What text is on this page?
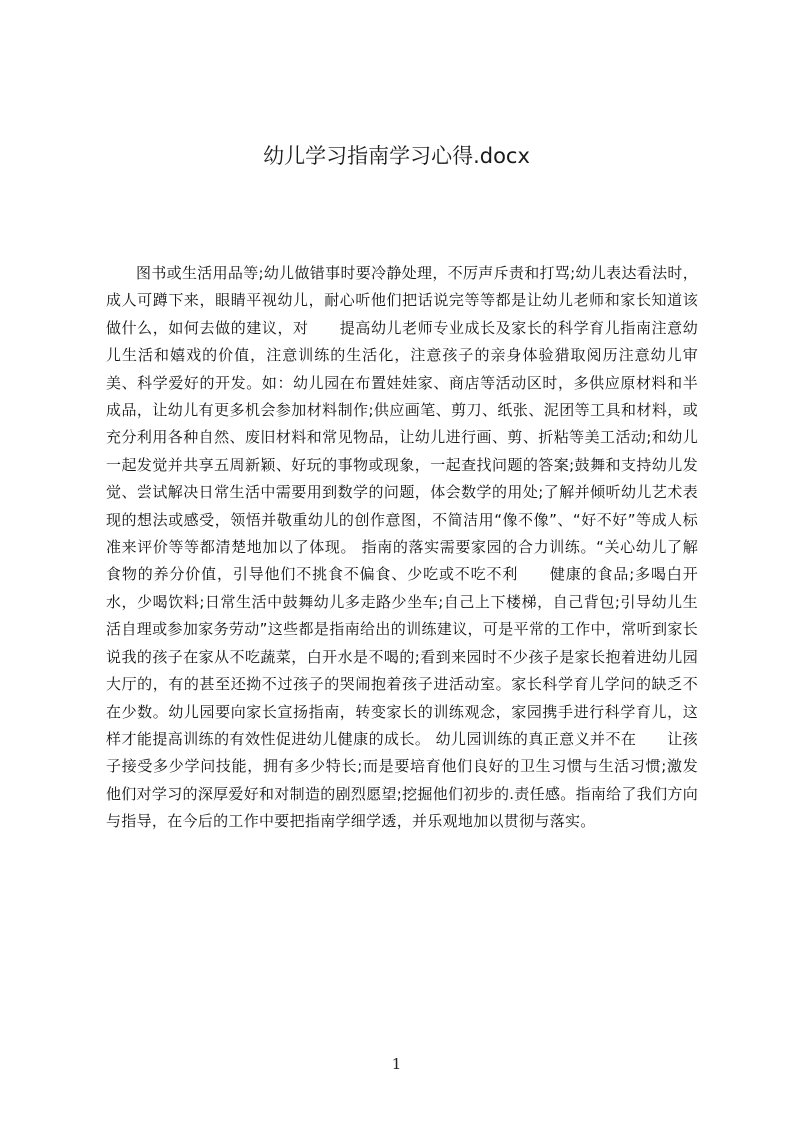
幼儿学习指南学习心得.docx

图书或生活用品等;幼儿做错事时要冷静处理，不厉声斥责和打骂;幼儿表达看法时，成人可蹲下来，眼睛平视幼儿，耐心听他们把话说完等等都是让幼儿老师和家长知道该做什么，如何去做的建议，对　　提高幼儿老师专业成长及家长的科学育儿指南注意幼儿生活和嬉戏的价值，注意训练的生活化，注意孩子的亲身体验猎取阅历注意幼儿审美、科学爱好的开发。如：幼儿园在布置娃娃家、商店等活动区时，多供应原材料和半成品，让幼儿有更多机会参加材料制作;供应画笔、剪刀、纸张、泥团等工具和材料，或充分利用各种自然、废旧材料和常见物品，让幼儿进行画、剪、折粘等美工活动;和幼儿一起发觉并共享五周新颖、好玩的事物或现象，一起查找问题的答案;鼓舞和支持幼儿发觉、尝试解决日常生活中需要用到数学的问题，体会数学的用处;了解并倾听幼儿艺术表现的想法或感受，领悟并敬重幼儿的创作意图，不简洁用“像不像”、“好不好”等成人标准来评价等等都清楚地加以了体现。 指南的落实需要家园的合力训练。“关心幼儿了解食物的养分价值，引导他们不挑食不偏食、少吃或不吃不利　　健康的食品;多喝白开水，少喝饮料;日常生活中鼓舞幼儿多走路少坐车;自己上下楼梯，自己背包;引导幼儿生活自理或参加家务劳动”这些都是指南给出的训练建议，可是平常的工作中，常听到家长说我的孩子在家从不吃蔬菜，白开水是不喝的;看到来园时不少孩子是家长抱着进幼儿园大厅的，有的甚至还拗不过孩子的哭闹抱着孩子进活动室。家长科学育儿学问的缺乏不在少数。幼儿园要向家长宣扬指南，转变家长的训练观念，家园携手进行科学育儿，这样才能提高训练的有效性促进幼儿健康的成长。 幼儿园训练的真正意义并不在　　让孩子接受多少学问技能，拥有多少特长;而是要培育他们良好的卫生习惯与生活习惯;激发他们对学习的深厚爱好和对制造的剧烈愿望;挖掘他们初步的.责任感。指南给了我们方向与指导，在今后的工作中要把指南学细学透，并乐观地加以贯彻与落实。

1
